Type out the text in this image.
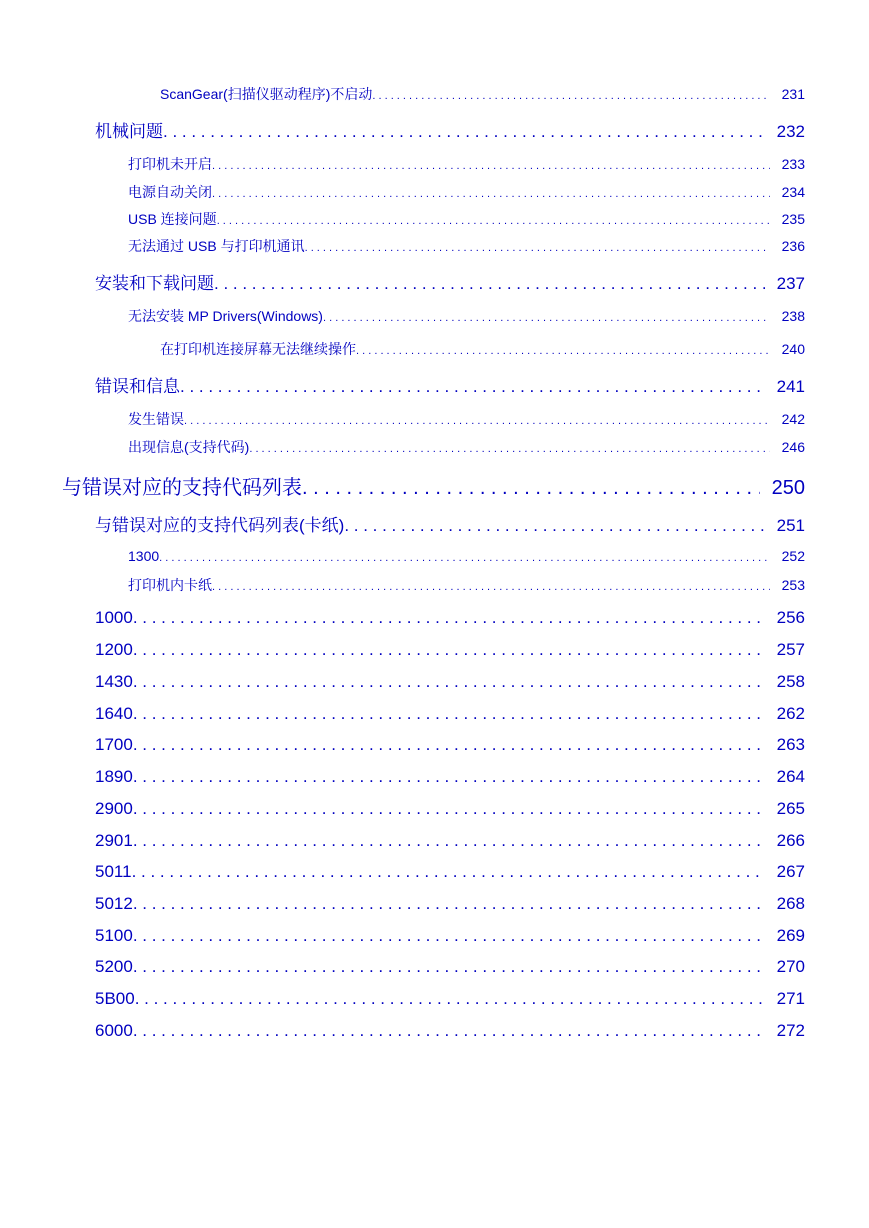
ScanGear(扫描仪驱动程序)不启动 . . .	231
机械问题 . . .	232
打印机未开启 . . .	233
电源自动关闭 . . .	234
USB 连接问题 . . .	235
无法通过 USB 与打印机通讯 . . .	236
安装和下载问题 . . .	237
无法安装 MP Drivers(Windows) . . .	238
在打印机连接屏幕无法继续操作 . . .	240
错误和信息 . . .	241
发生错误 . . .	242
出现信息(支持代码) . . .	246
与错误对应的支持代码列表 . . .	250
与错误对应的支持代码列表(卡纸) . . .	251
1300 . . .	252
打印机内卡纸 . . .	253
1000 . . .	256
1200 . . .	257
1430 . . .	258
1640 . . .	262
1700 . . .	263
1890 . . .	264
2900 . . .	265
2901 . . .	266
5011 . . .	267
5012 . . .	268
5100 . . .	269
5200 . . .	270
5B00 . . .	271
6000 . . .	272
